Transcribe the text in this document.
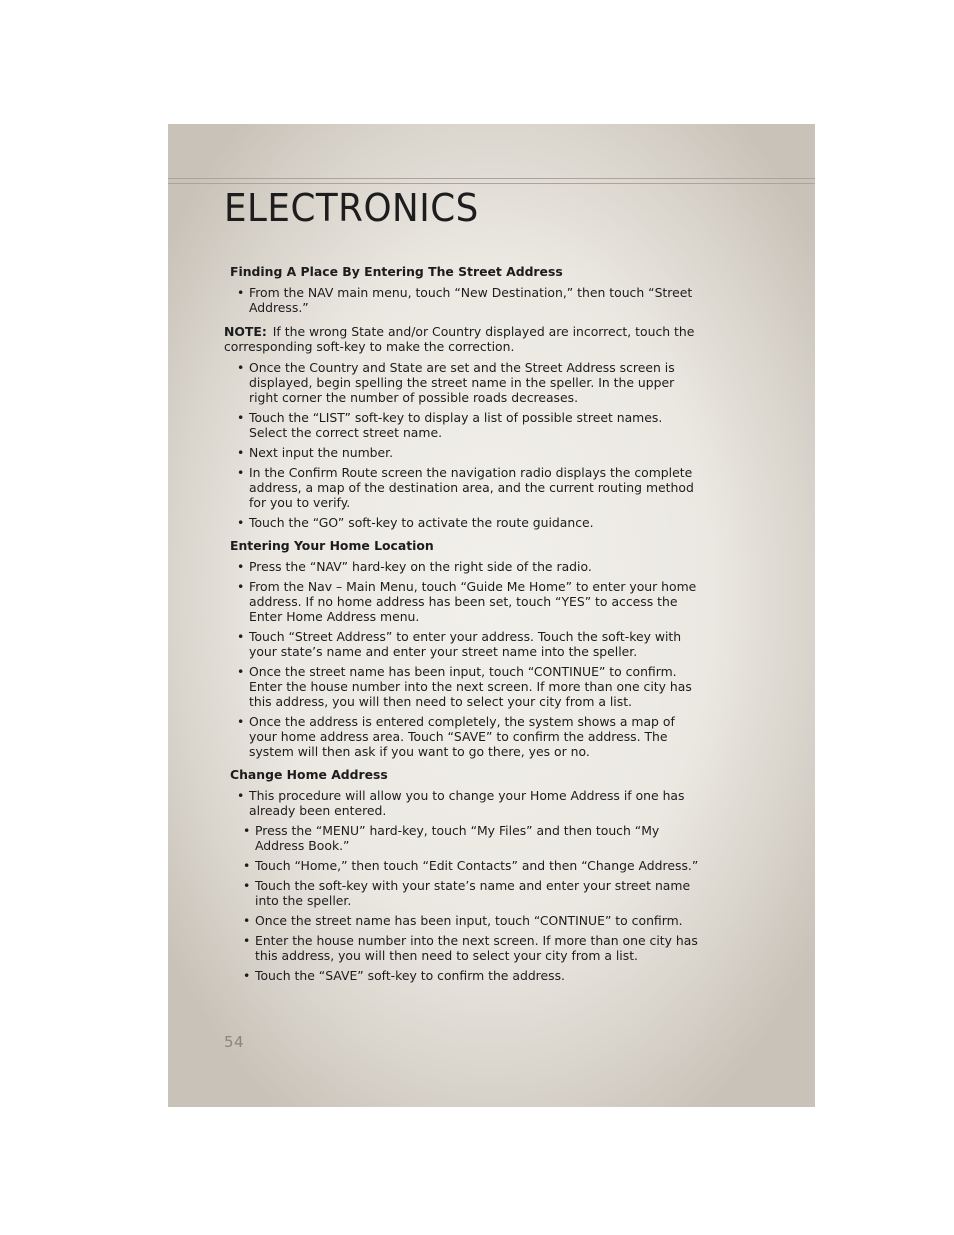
ELECTRONICS
Finding A Place By Entering The Street Address
• From the NAV main menu, touch “New Destination,” then touch “Street Address.”
NOTE: If the wrong State and/or Country displayed are incorrect, touch the corresponding soft-key to make the correction.
• Once the Country and State are set and the Street Address screen is displayed, begin spelling the street name in the speller. In the upper right corner the number of possible roads decreases.
• Touch the “LIST” soft-key to display a list of possible street names. Select the correct street name.
• Next input the number.
• In the Confirm Route screen the navigation radio displays the complete address, a map of the destination area, and the current routing method for you to verify.
• Touch the “GO” soft-key to activate the route guidance.
Entering Your Home Location
• Press the “NAV” hard-key on the right side of the radio.
• From the Nav – Main Menu, touch “Guide Me Home” to enter your home address. If no home address has been set, touch “YES” to access the Enter Home Address menu.
• Touch “Street Address” to enter your address. Touch the soft-key with your state’s name and enter your street name into the speller.
• Once the street name has been input, touch “CONTINUE” to confirm. Enter the house number into the next screen. If more than one city has this address, you will then need to select your city from a list.
• Once the address is entered completely, the system shows a map of your home address area. Touch “SAVE” to confirm the address. The system will then ask if you want to go there, yes or no.
Change Home Address
• This procedure will allow you to change your Home Address if one has already been entered.
• Press the “MENU” hard-key, touch “My Files” and then touch “My Address Book.”
• Touch “Home,” then touch “Edit Contacts” and then “Change Address.”
• Touch the soft-key with your state’s name and enter your street name into the speller.
• Once the street name has been input, touch “CONTINUE” to confirm.
• Enter the house number into the next screen. If more than one city has this address, you will then need to select your city from a list.
• Touch the “SAVE” soft-key to confirm the address.
54
